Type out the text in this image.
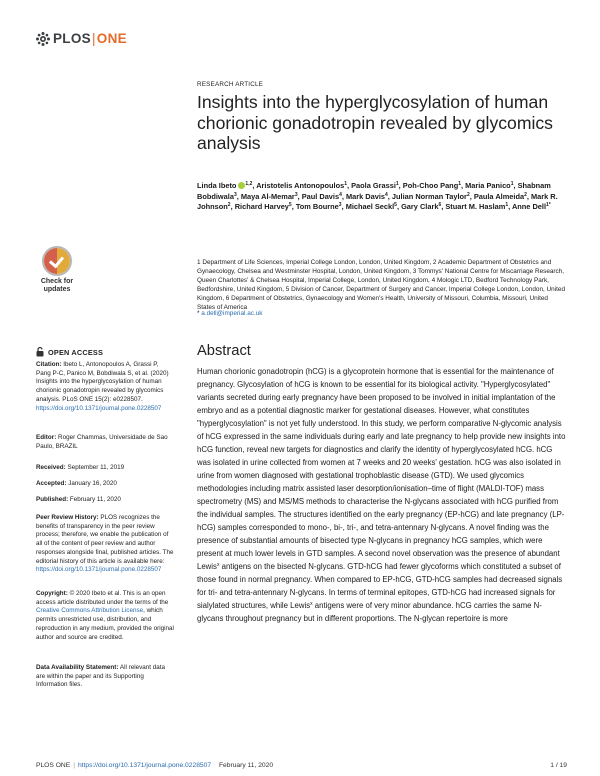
PLOS|ONE
Check for updates
OPEN ACCESS
Citation: Ibeto L, Antonopoulos A, Grassi P, Pang P-C, Panico M, Bobdiwala S, et al. (2020) Insights into the hyperglycosylation of human chorionic gonadotropin revealed by glycomics analysis. PLoS ONE 15(2): e0228507. https://doi.org/10.1371/journal.pone.0228507
Editor: Roger Chammas, Universidade de Sao Paulo, BRAZIL
Received: September 11, 2019
Accepted: January 16, 2020
Published: February 11, 2020
Peer Review History: PLOS recognizes the benefits of transparency in the peer review process; therefore, we enable the publication of all of the content of peer review and author responses alongside final, published articles. The editorial history of this article is available here: https://doi.org/10.1371/journal.pone.0228507
Copyright: © 2020 Ibeto et al. This is an open access article distributed under the terms of the Creative Commons Attribution License, which permits unrestricted use, distribution, and reproduction in any medium, provided the original author and source are credited.
Data Availability Statement: All relevant data are within the paper and its Supporting Information files.
RESEARCH ARTICLE
Insights into the hyperglycosylation of human chorionic gonadotropin revealed by glycomics analysis
Linda Ibeto $^{1,2}$, Aristotelis Antonopoulos$^1$, Paola Grassi$^1$, Poh-Choo Pang$^1$, Maria Panico$^1$, Shabnam Bobdiwala$^3$, Maya Al-Memar$^3$, Paul Davis$^4$, Mark Davis$^4$, Julian Norman Taylor$^2$, Paula Almeida$^2$, Mark R. Johnson$^2$, Richard Harvey$^5$, Tom Bourne$^3$, Michael Seckl$^5$, Gary Clark$^6$, Stuart M. Haslam$^1$, Anne Dell$^{1*}$
1 Department of Life Sciences, Imperial College London, London, United Kingdom, 2 Academic Department of Obstetrics and Gynaecology, Chelsea and Westminster Hospital, London, United Kingdom, 3 Tommys' National Centre for Miscarriage Research, Queen Charlottes' & Chelsea Hospital, Imperial College, London, United Kingdom, 4 Mologic LTD, Bedford Technology Park, Bedfordshire, United Kingdom, 5 Division of Cancer, Department of Surgery and Cancer, Imperial College London, London, United Kingdom, 6 Department of Obstetrics, Gynaecology and Women's Health, University of Missouri, Columbia, Missouri, United States of America
* a.dell@imperial.ac.uk
Abstract

Human chorionic gonadotropin (hCG) is a glycoprotein hormone that is essential for the maintenance of pregnancy. Glycosylation of hCG is known to be essential for its biological activity. "Hyperglycosylated" variants secreted during early pregnancy have been proposed to be involved in initial implantation of the embryo and as a potential diagnostic marker for gestational diseases. However, what constitutes "hyperglycosylation" is not yet fully understood. In this study, we perform comparative N-glycomic analysis of hCG expressed in the same individuals during early and late pregnancy to help provide new insights into hCG function, reveal new targets for diagnostics and clarify the identity of hyperglycosylated hCG. hCG was isolated in urine collected from women at 7 weeks and 20 weeks' gestation. hCG was also isolated in urine from women diagnosed with gestational trophoblastic disease (GTD). We used glycomics methodologies including matrix assisted laser desorption/ionisation–time of flight (MALDI-TOF) mass spectrometry (MS) and MS/MS methods to characterise the N-glycans associated with hCG purified from the individual samples. The structures identified on the early pregnancy (EP-hCG) and late pregnancy (LP-hCG) samples corresponded to mono-, bi-, tri-, and tetra-antennary N-glycans. A novel finding was the presence of substantial amounts of bisected type N-glycans in pregnancy hCG samples, which were present at much lower levels in GTD samples. A second novel observation was the presence of abundant Lewis$^x$ antigens on the bisected N-glycans. GTD-hCG had fewer glycoforms which constituted a subset of those found in normal pregnancy. When compared to EP-hCG, GTD-hCG samples had decreased signals for tri- and tetra-antennary N-glycans. In terms of terminal epitopes, GTD-hCG had increased signals for sialylated structures, while Lewis$^x$ antigens were of very minor abundance. hCG carries the same N-glycans throughout pregnancy but in different proportions. The N-glycan repertoire is more

PLOS ONE | https://doi.org/10.1371/journal.pone.0228507 February 11, 2020	1 / 19
